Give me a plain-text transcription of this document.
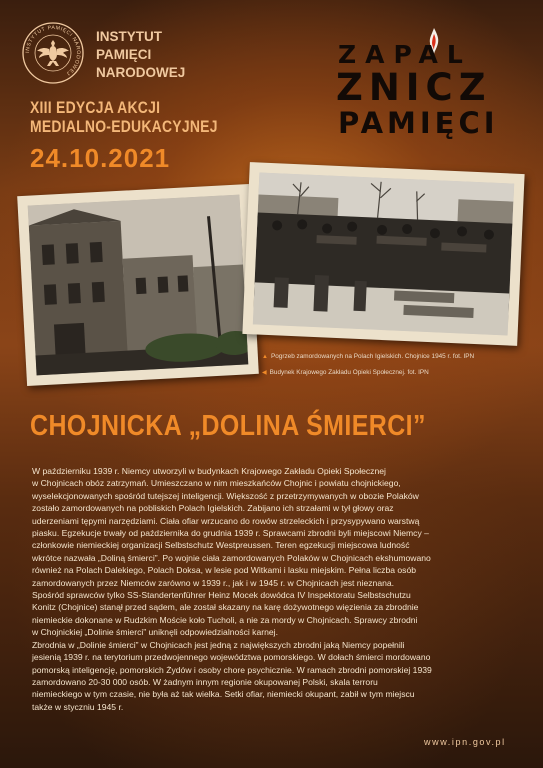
INSTYTUT PAMIĘCI NARODOWEJ
INSTYTUT
PAMIĘCI
NARODOWEJ
XIII EDYCJA AKCJI
MEDIALNO-EDUKACYJNEJ
24.10.2021
ZAPAL
ZNICZ
PAMIĘCI
▲ Pogrzeb zamordowanych na Polach Igielskich. Chojnice 1945 r. fot. IPN
◀ Budynek Krajowego Zakładu Opieki Społecznej. fot. IPN
CHOJNICKA „DOLINA ŚMIERCI”
W październiku 1939 r. Niemcy utworzyli w budynkach Krajowego Zakładu Opieki Społecznej
w Chojnicach obóz zatrzymań. Umieszczano w nim mieszkańców Chojnic i powiatu chojnickiego,
wyselekcjonowanych spośród tutejszej inteligencji. Większość z przetrzymywanych w obozie Polaków
zostało zamordowanych na pobliskich Polach Igielskich. Zabijano ich strzałami w tył głowy oraz
uderzeniami tępymi narzędziami. Ciała ofiar wrzucano do rowów strzeleckich i przysypywano warstwą
piasku. Egzekucje trwały od października do grudnia 1939 r. Sprawcami zbrodni byli miejscowi Niemcy –
członkowie niemieckiej organizacji Selbstschutz Westpreussen. Teren egzekucji miejscowa ludność
wkrótce nazwała „Doliną śmierci”. Po wojnie ciała zamordowanych Polaków w Chojnicach ekshumowano
również na Polach Dalekiego, Polach Doksa, w lesie pod Witkami i lasku miejskim. Pełna liczba osób
zamordowanych przez Niemców zarówno w 1939 r., jak i w 1945 r. w Chojnicach jest nieznana.
Spośród sprawców tylko SS-Standertenführer Heinz Mocek dowódca IV Inspektoratu Selbstschutzu
Konitz (Chojnice) stanął przed sądem, ale został skazany na karę dożywotnego więzienia za zbrodnie
niemieckie dokonane w Rudzkim Moście koło Tucholi, a nie za mordy w Chojnicach. Sprawcy zbrodni
w Chojnickiej „Dolinie śmierci” uniknęli odpowiedzialności karnej.
Zbrodnia w „Dolinie śmierci” w Chojnicach jest jedną z największych zbrodni jaką Niemcy popełnili
jesienią 1939 r. na terytorium przedwojennego województwa pomorskiego. W dołach śmierci mordowano
pomorską inteligencję, pomorskich Żydów i osoby chore psychicznie. W ramach zbrodni pomorskiej 1939
zamordowano 20-30 000 osób. W żadnym innym regionie okupowanej Polski, skala terroru
niemieckiego w tym czasie, nie była aż tak wielka. Setki ofiar, niemiecki okupant, zabił w tym miejscu
także w styczniu 1945 r.
www.ipn.gov.pl
